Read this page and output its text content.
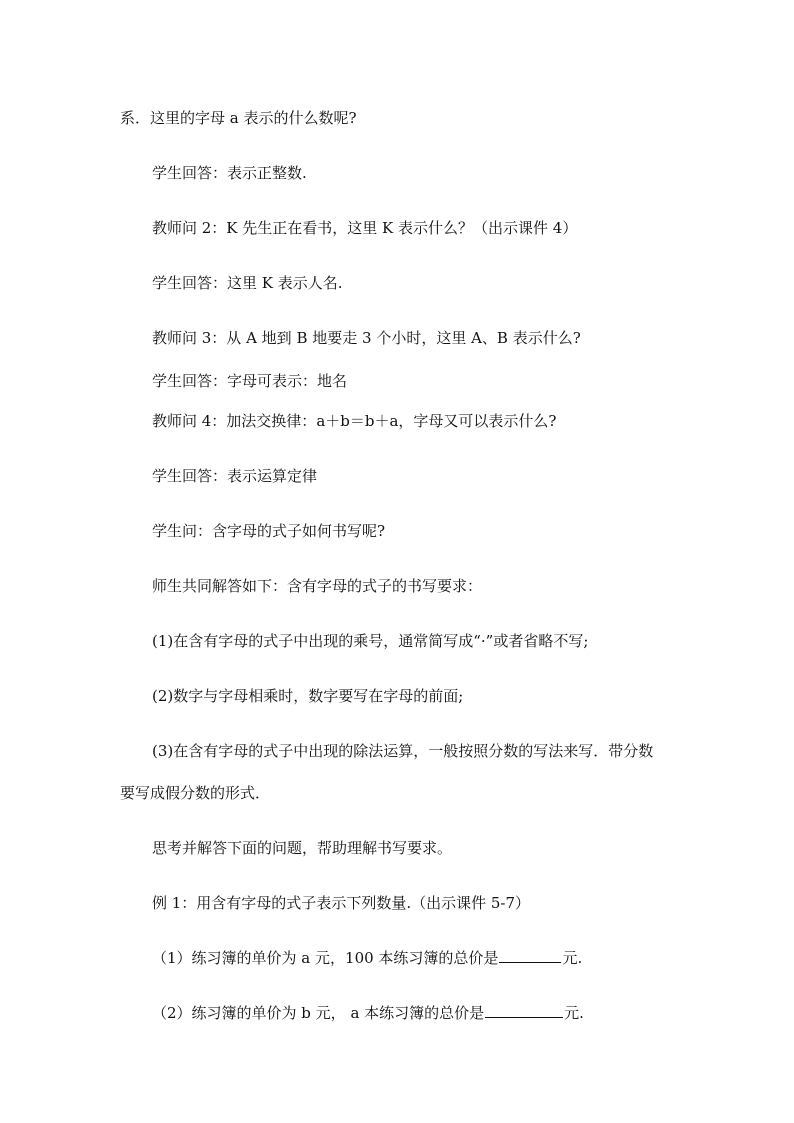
系．这里的字母 a 表示的什么数呢?
学生回答：表示正整数.
教师问 2：K 先生正在看书，这里 K 表示什么？（出示课件 4）
学生回答：这里 K 表示人名.
教师问 3：从 A 地到 B 地要走 3 个小时，这里 A、B 表示什么?
学生回答：字母可表示：地名
教师问 4：加法交换律：a＋b＝b＋a，字母又可以表示什么?
学生回答：表示运算定律
学生问：含字母的式子如何书写呢?
师生共同解答如下：含有字母的式子的书写要求：
(1)在含有字母的式子中出现的乘号，通常简写成“·”或者省略不写;
(2)数字与字母相乘时，数字要写在字母的前面;
(3)在含有字母的式子中出现的除法运算，一般按照分数的写法来写．带分数
要写成假分数的形式．
思考并解答下面的问题，帮助理解书写要求。
例 1：用含有字母的式子表示下列数量.（出示课件 5-7）
（1）练习簿的单价为 a 元，100 本练习簿的总价是	元.
（2）练习簿的单价为 b 元， a 本练习簿的总价是	元.
